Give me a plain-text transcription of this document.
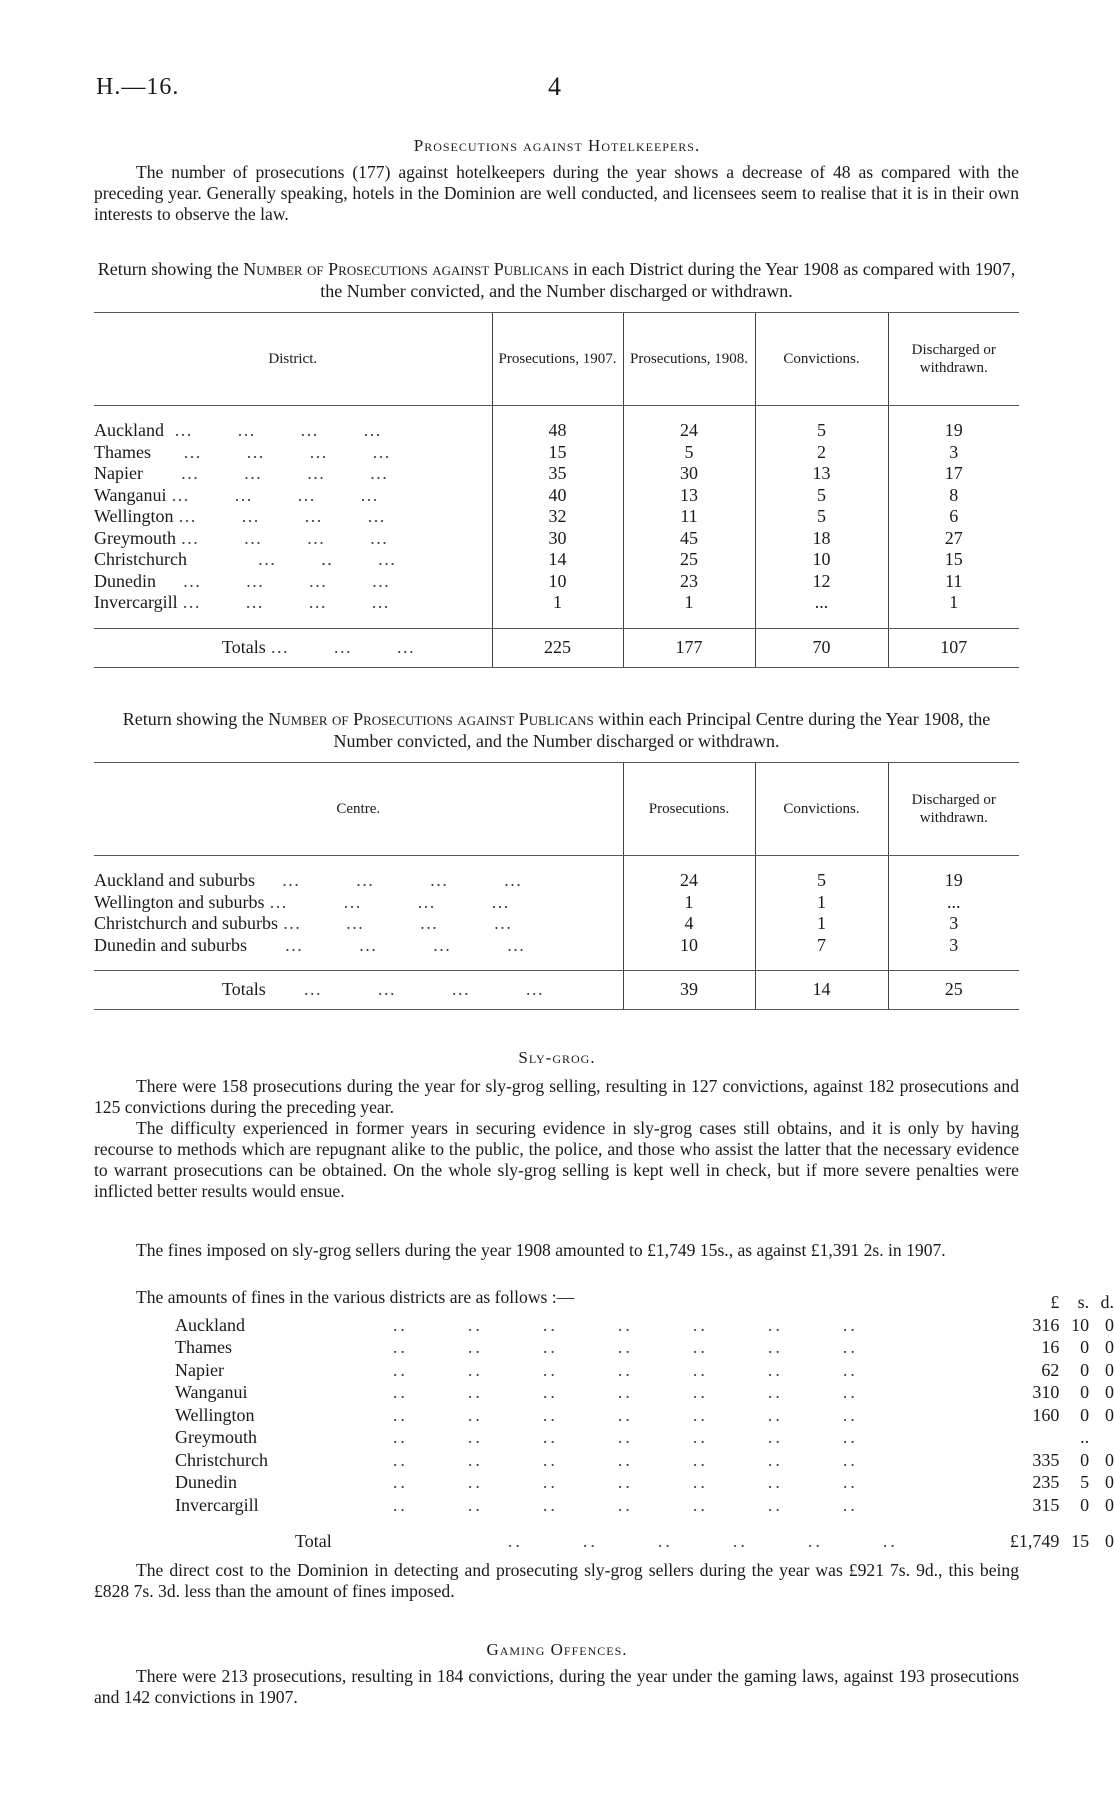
H.—16.	4
Prosecutions against Hotelkeepers.
The number of prosecutions (177) against hotelkeepers during the year shows a decrease of 48 as compared with the preceding year. Generally speaking, hotels in the Dominion are well conducted, and licensees seem to realise that it is in their own interests to observe the law.
Return showing the Number of Prosecutions against Publicans in each District during the Year 1908 as compared with 1907, the Number convicted, and the Number discharged or withdrawn.
District.	Prosecutions, 1907.	Prosecutions, 1908.	Convictions.	Discharged or withdrawn.

Auckland  …        …        …        …	48	24	5	19
Thames      …        …        …        …	15	5	2	3
Napier       …        …        …        …	35	30	13	17
Wanganui …        …        …        …	40	13	5	8
Wellington …        …        …        …	32	11	5	6
Greymouth …        …        …        …	30	45	18	27
Christchurch             …        ‥        …	14	25	10	15
Dunedin     …        …        …        …	10	23	12	11
Invercargill …        …        …        …	1	1	...	1

Totals …        …        …	225	177	70	107
Return showing the Number of Prosecutions against Publicans within each Principal Centre during the Year 1908, the Number convicted, and the Number discharged or withdrawn.
Centre.	Prosecutions.	Convictions.	Discharged or withdrawn.

Auckland and suburbs     …          …          …          …	24	5	19
Wellington and suburbs …          …          …          …	1	1	...
Christchurch and suburbs …        …          …          …	4	1	3
Dunedin and suburbs       …          …          …          …	10	7	3

Totals       …          …          …          …	39	14	25
Sly-grog.
There were 158 prosecutions during the year for sly-grog selling, resulting in 127 convictions, against 182 prosecutions and 125 convictions during the preceding year.
The difficulty experienced in former years in securing evidence in sly-grog cases still obtains, and it is only by having recourse to methods which are repugnant alike to the public, the police, and those who assist the latter that the necessary evidence to warrant prosecutions can be obtained. On the whole sly-grog selling is kept well in check, but if more severe penalties were inflicted better results would ensue.
The fines imposed on sly-grog sellers during the year 1908 amounted to £1,749 15s., as against £1,391 2s. in 1907.
The amounts of fines in the various districts are as follows :—
			£	s.	d.
Auckland	..        ..        ..        ..        ..        ..        ..	316	10	0
Thames	..        ..        ..        ..        ..        ..        ..	16	0	0
Napier	..        ..        ..        ..        ..        ..        ..	62	0	0
Wanganui	..        ..        ..        ..        ..        ..        ..	310	0	0
Wellington	..        ..        ..        ..        ..        ..        ..	160	0	0
Greymouth	..        ..        ..        ..        ..        ..        ..		..	
Christchurch	..        ..        ..        ..        ..        ..        ..	335	0	0
Dunedin	..        ..        ..        ..        ..        ..        ..	235	5	0
Invercargill	..        ..        ..        ..        ..        ..        ..	315	0	0

Total	..        ..        ..        ..        ..        ..	£1,749	15	0
The direct cost to the Dominion in detecting and prosecuting sly-grog sellers during the year was £921 7s. 9d., this being £828 7s. 3d. less than the amount of fines imposed.
Gaming Offences.
There were 213 prosecutions, resulting in 184 convictions, during the year under the gaming laws, against 193 prosecutions and 142 convictions in 1907.
